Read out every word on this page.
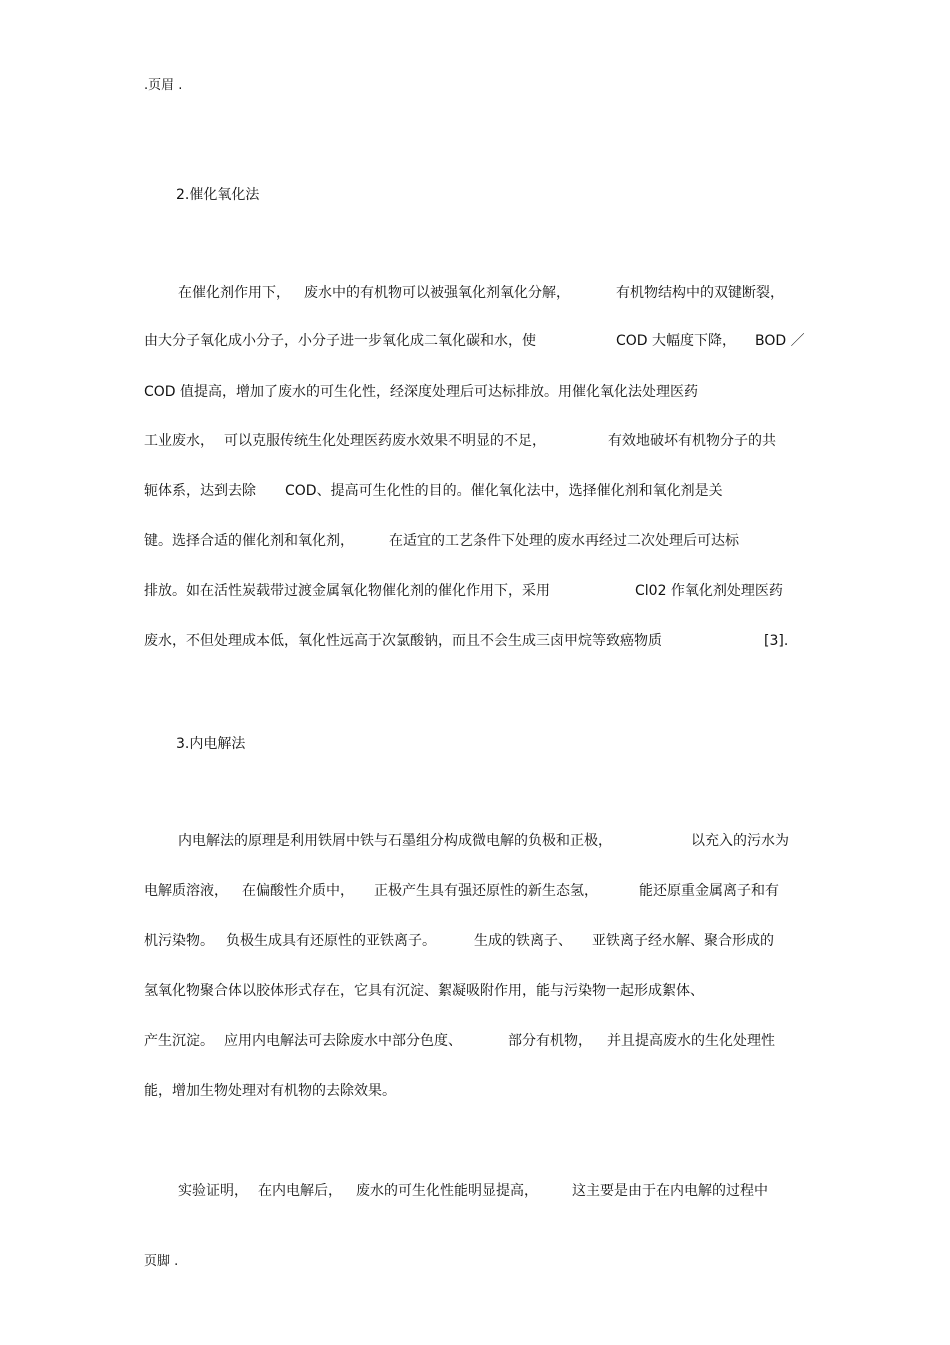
.页眉 .
2.催化氧化法
在催化剂作用下， 废水中的有机物可以被强氧化剂氧化分解，	有机物结构中的双键断裂，
由大分子氧化成小分子，小分子进一步氧化成二氧化碳和水，使	COD 大幅度下降， BOD ／
COD 值提高，增加了废水的可生化性，经深度处理后可达标排放。用催化氧化法处理医药
工业废水， 可以克服传统生化处理医药废水效果不明显的不足，	有效地破坏有机物分子的共
轭体系，达到去除 COD、提高可生化性的目的。催化氧化法中，选择催化剂和氧化剂是关
键。选择合适的催化剂和氧化剂，	在适宜的工艺条件下处理的废水再经过二次处理后可达标
排放。如在活性炭载带过渡金属氧化物催化剂的催化作用下，采用	Cl02 作氧化剂处理医药
废水，不但处理成本低，氧化性远高于次氯酸钠，而且不会生成三卤甲烷等致癌物质	[3].
3.内电解法
内电解法的原理是利用铁屑中铁与石墨组分构成微电解的负极和正极，	以充入的污水为
电解质溶液， 在偏酸性介质中， 正极产生具有强还原性的新生态氢，	能还原重金属离子和有
机污染物。 负极生成具有还原性的亚铁离子。	生成的铁离子、 亚铁离子经水解、聚合形成的
氢氧化物聚合体以胶体形式存在，它具有沉淀、絮凝吸附作用，能与污染物一起形成絮体、
产生沉淀。 应用内电解法可去除废水中部分色度、	部分有机物， 并且提高废水的生化处理性
能，增加生物处理对有机物的去除效果。
实验证明， 在内电解后， 废水的可生化性能明显提高， 这主要是由于在内电解的过程中
页脚 .
